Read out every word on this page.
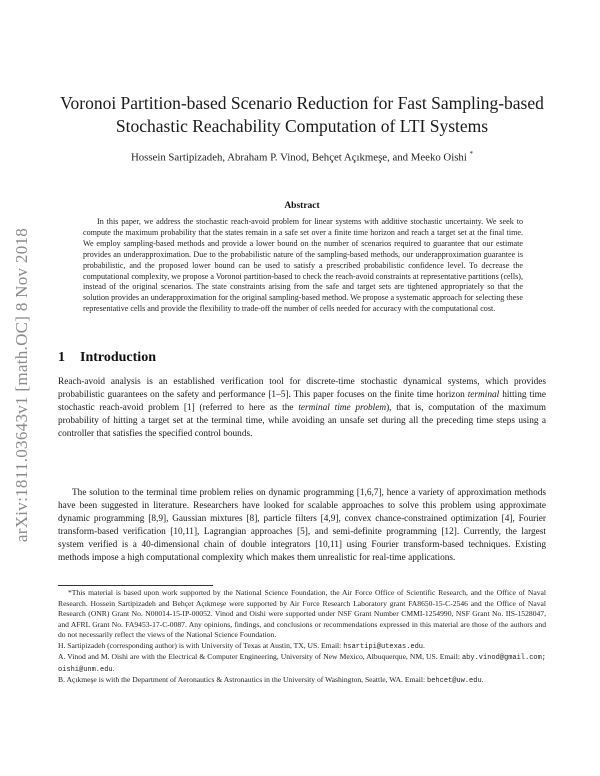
arXiv:1811.03643v1 [math.OC] 8 Nov 2018
Voronoi Partition-based Scenario Reduction for Fast Sampling-based
Stochastic Reachability Computation of LTI Systems
Hossein Sartipizadeh, Abraham P. Vinod, Behçet Açıkmeşe, and Meeko Oishi *
Abstract
In this paper, we address the stochastic reach-avoid problem for linear systems with additive stochastic uncertainty. We seek to compute the maximum probability that the states remain in a safe set over a finite time horizon and reach a target set at the final time. We employ sampling-based methods and provide a lower bound on the number of scenarios required to guarantee that our estimate provides an underapproximation. Due to the probabilistic nature of the sampling-based methods, our underapproximation guarantee is probabilistic, and the proposed lower bound can be used to satisfy a prescribed probabilistic confidence level. To decrease the computational complexity, we propose a Voronoi partition-based to check the reach-avoid constraints at representative partitions (cells), instead of the original scenarios. The state constraints arising from the safe and target sets are tightened appropriately so that the solution provides an underapproximation for the original sampling-based method. We propose a systematic approach for selecting these representative cells and provide the flexibility to trade-off the number of cells needed for accuracy with the computational cost.
1 Introduction
Reach-avoid analysis is an established verification tool for discrete-time stochastic dynamical systems, which provides probabilistic guarantees on the safety and performance [1–5]. This paper focuses on the finite time horizon terminal hitting time stochastic reach-avoid problem [1] (referred to here as the terminal time problem), that is, computation of the maximum probability of hitting a target set at the terminal time, while avoiding an unsafe set during all the preceding time steps using a controller that satisfies the specified control bounds.
The solution to the terminal time problem relies on dynamic programming [1,6,7], hence a variety of approximation methods have been suggested in literature. Researchers have looked for scalable approaches to solve this problem using approximate dynamic programming [8,9], Gaussian mixtures [8], particle filters [4,9], convex chance-constrained optimization [4], Fourier transform-based verification [10,11], Lagrangian approaches [5], and semi-definite programming [12]. Currently, the largest system verified is a 40-dimensional chain of double integrators [10,11] using Fourier transform-based techniques. Existing methods impose a high computational complexity which makes them unrealistic for real-time applications.

*This material is based upon work supported by the National Science Foundation, the Air Force Office of Scientific Research, and the Office of Naval Research. Hossein Sartipizadeh and Behçet Açıkmeşe were supported by Air Force Research Laboratory grant FA8650-15-C-2546 and the Office of Naval Research (ONR) Grant No. N00014-15-IP-00052. Vinod and Oishi were supported under NSF Grant Number CMMI-1254990, NSF Grant No. IIS-1528047, and AFRL Grant No. FA9453-17-C-0087. Any opinions, findings, and conclusions or recommendations expressed in this material are those of the authors and do not necessarily reflect the views of the National Science Foundation.

H. Sartipizadeh (corresponding author) is with University of Texas at Austin, TX, US. Email: hsartipi@utexas.edu.

A. Vinod and M. Oishi are with the Electrical & Computer Engineering, University of New Mexico, Albuquerque, NM, US. Email: aby.vinod@gmail.com; oishi@unm.edu.

B. Açıkmeşe is with the Department of Aeronautics & Astronautics in the University of Washington, Seattle, WA. Email: behcet@uw.edu.
